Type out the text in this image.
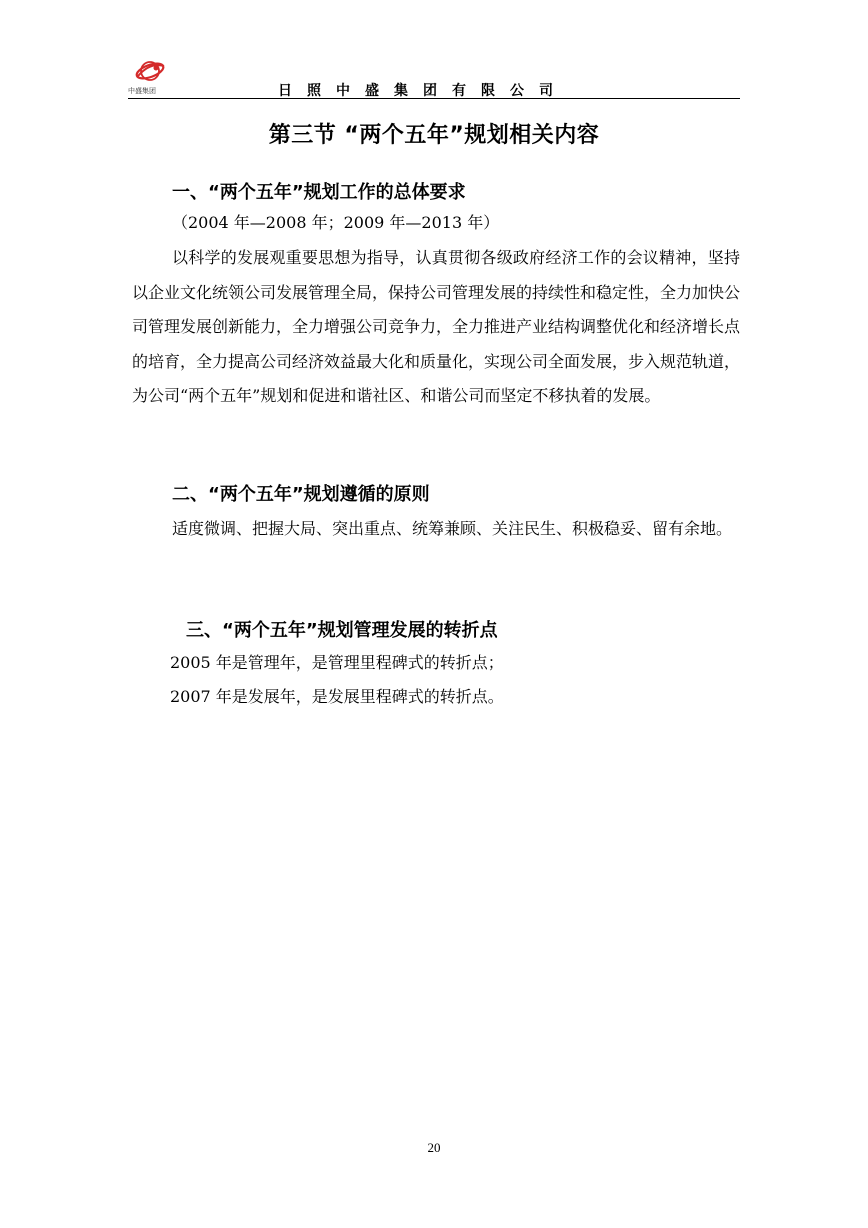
中盛集团	日照中盛集团有限公司
第三节 “两个五年”规划相关内容
一、“两个五年”规划工作的总体要求
（2004 年—2008 年；2009 年—2013 年）
以科学的发展观重要思想为指导，认真贯彻各级政府经济工作的会议精神，坚持以企业文化统领公司发展管理全局，保持公司管理发展的持续性和稳定性，全力加快公司管理发展创新能力，全力增强公司竞争力，全力推进产业结构调整优化和经济增长点的培育，全力提高公司经济效益最大化和质量化，实现公司全面发展，步入规范轨道，为公司“两个五年”规划和促进和谐社区、和谐公司而坚定不移执着的发展。
二、“两个五年”规划遵循的原则
适度微调、把握大局、突出重点、统筹兼顾、关注民生、积极稳妥、留有余地。
三、“两个五年”规划管理发展的转折点
2005 年是管理年，是管理里程碑式的转折点；
2007 年是发展年，是发展里程碑式的转折点。
20
